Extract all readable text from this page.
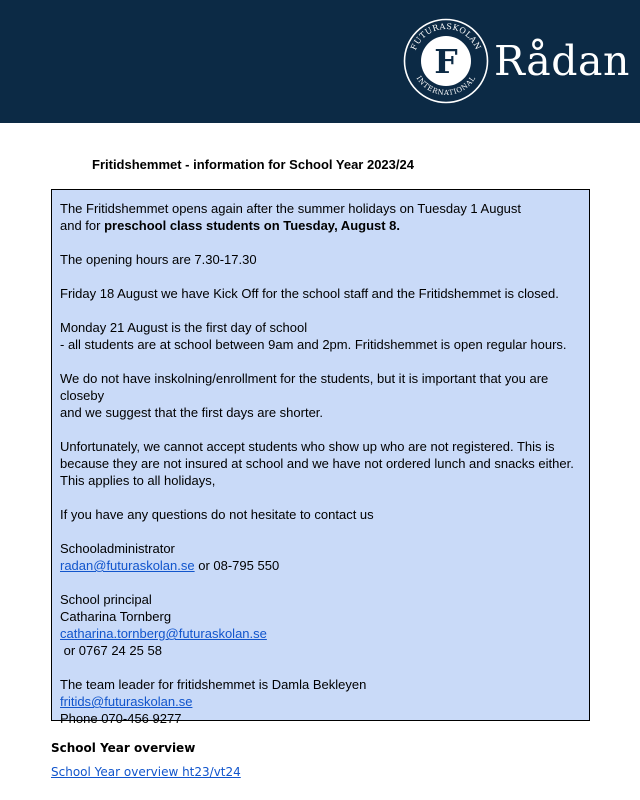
F
FUTURASKOLAN
INTERNATIONAL Rådan
Fritidshemmet - information for School Year 2023/24

The Fritidshemmet opens again after the summer holidays on Tuesday 1 August
and for preschool class students on Tuesday, August 8.

The opening hours are 7.30-17.30

Friday 18 August we have Kick Off for the school staff and the Fritidshemmet is closed.

Monday 21 August is the first day of school
- all students are at school between 9am and 2pm. Fritidshemmet is open regular hours.

We do not have inskolning/enrollment for the students, but it is important that you are closeby
and we suggest that the first days are shorter.

Unfortunately, we cannot accept students who show up who are not registered. This is
because they are not insured at school and we have not ordered lunch and snacks either.
This applies to all holidays,

If you have any questions do not hesitate to contact us

Schooladministrator
radan@futuraskolan.se or 08-795 550

School principal
Catharina Tornberg
catharina.tornberg@futuraskolan.se
or 0767 24 25 58

The team leader for fritidshemmet is Damla Bekleyen
fritids@futuraskolan.se
Phone 070-456 9277

School Year overview
School Year overview ht23/vt24
